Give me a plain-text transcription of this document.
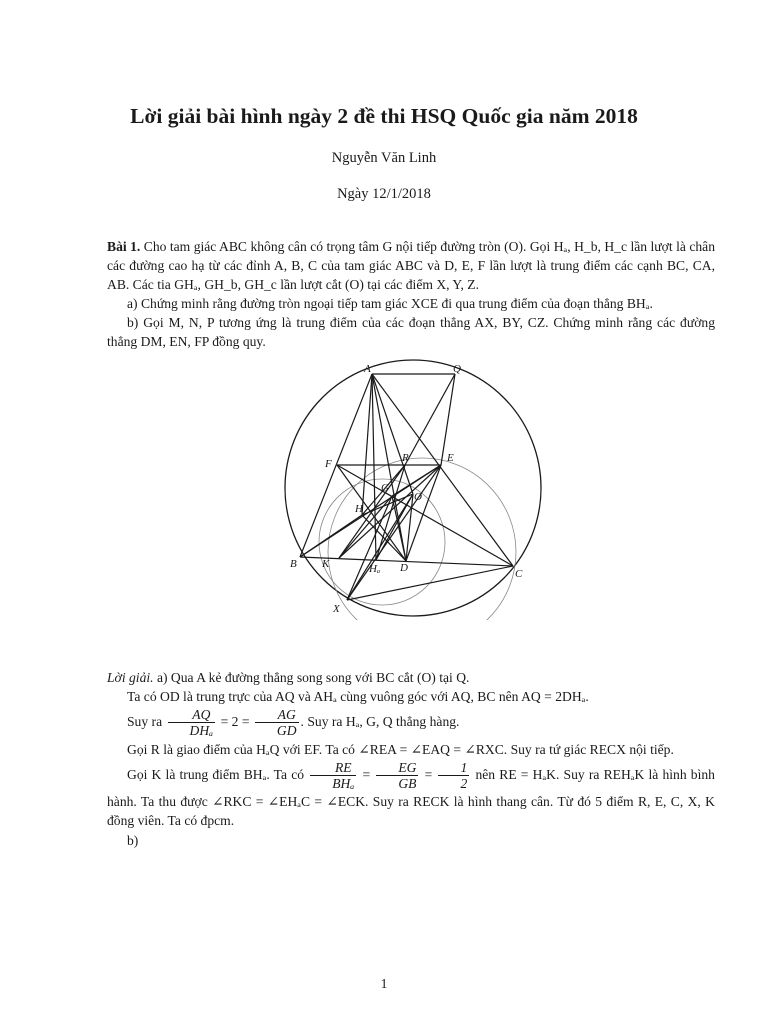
Lời giải bài hình ngày 2 đề thi HSQ Quốc gia năm 2018
Nguyễn Văn Linh
Ngày 12/1/2018
Bài 1. Cho tam giác ABC không cân có trọng tâm G nội tiếp đường tròn (O). Gọi Hₐ, H_b, H_c lần lượt là chân các đường cao hạ từ các đỉnh A, B, C của tam giác ABC và D, E, F lần lượt là trung điểm các cạnh BC, CA, AB. Các tia GHₐ, GH_b, GH_c lần lượt cắt (O) tại các điểm X, Y, Z.
a) Chứng minh rằng đường tròn ngoại tiếp tam giác XCE đi qua trung điểm của đoạn thẳng BHₐ.
b) Gọi M, N, P tương ứng là trung điểm của các đoạn thẳng AX, BY, CZ. Chứng minh rằng các đường thẳng DM, EN, FP đồng quy.
A	Q
F	R	E
G
O
H
B K	Hₐ D	C
X
Lời giải. a) Qua A kẻ đường thẳng song song với BC cắt (O) tại Q.
Ta có OD là trung trực của AQ và AHₐ cùng vuông góc với AQ, BC nên AQ = 2DHₐ.
Suy ra $\frac{AQ}{\text{DHₐ}} = 2 = \frac{AG}{GD}$ . Suy ra Hₐ, G, Q thẳng hàng.
Gọi R là giao điểm của HₐQ với EF. Ta có ∠REA = ∠EAQ = ∠RXC. Suy ra tứ giác RECX nội tiếp.
Gọi K là trung điểm BHₐ. Ta có $\frac{RE}{\text{BHₐ}} = \frac{EG}{GB} = \frac{1}{2}$ nên RE = HₐK. Suy ra REHₐK là hình bình hành. Ta thu được ∠RKC = ∠EHₐC = ∠ECK. Suy ra RECK là hình thang cân. Từ đó 5 điểm R, E, C, X, K đồng viên. Ta có đpcm.
b)
1
